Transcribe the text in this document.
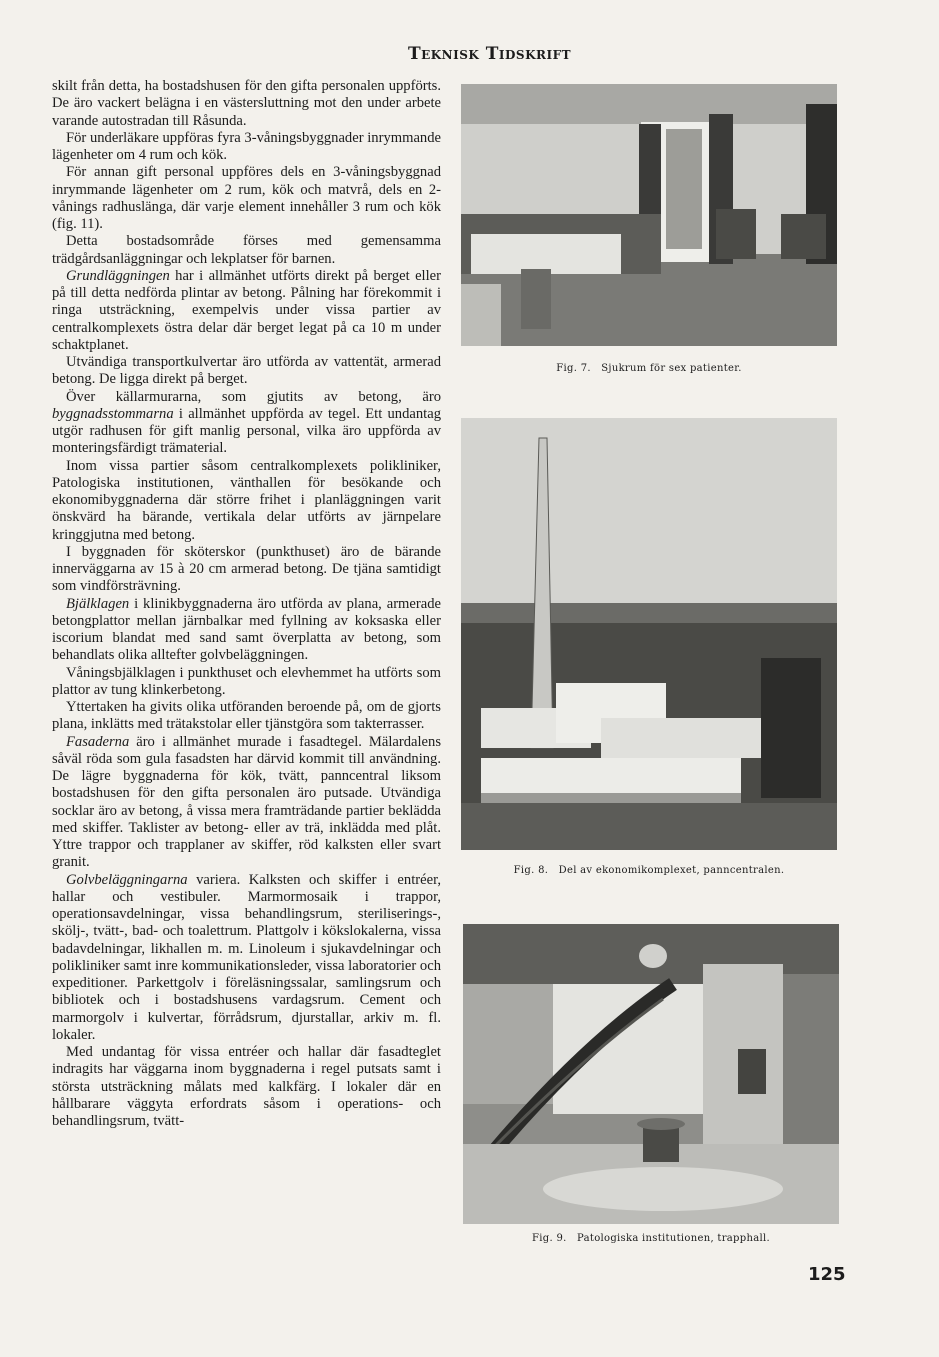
Teknisk Tidskrift

skilt från detta, ha bostadshusen för den gifta personalen uppförts. De äro vackert belägna i en västersluttning mot den under arbete varande autostradan till Råsunda.

För underläkare uppföras fyra 3-våningsbyggnader inrymmande lägenheter om 4 rum och kök.

För annan gift personal uppföres dels en 3-våningsbyggnad inrymmande lägenheter om 2 rum, kök och matvrå, dels en 2-vånings radhuslänga, där varje element innehåller 3 rum och kök (fig. 11).

Detta bostadsområde förses med gemensamma trädgårdsanläggningar och lekplatser för barnen.

Grundläggningen har i allmänhet utförts direkt på berget eller på till detta nedförda plintar av betong. Pålning har förekommit i ringa utsträckning, exempelvis under vissa partier av centralkomplexets östra delar där berget legat på ca 10 m under schaktplanet.

Utvändiga transportkulvertar äro utförda av vattentät, armerad betong. De ligga direkt på berget.

Över källarmurarna, som gjutits av betong, äro byggnadsstommarna i allmänhet uppförda av tegel. Ett undantag utgör radhusen för gift manlig personal, vilka äro uppförda av monteringsfärdigt trämaterial.

Inom vissa partier såsom centralkomplexets polikliniker, Patologiska institutionen, vänthallen för besökande och ekonomibyggnaderna där större frihet i planläggningen varit önskvärd ha bärande, vertikala delar utförts av järnpelare kringgjutna med betong.

I byggnaden för sköterskor (punkthuset) äro de bärande innerväggarna av 15 à 20 cm armerad betong. De tjäna samtidigt som vindförsträvning.

Bjälklagen i klinikbyggnaderna äro utförda av plana, armerade betongplattor mellan järnbalkar med fyllning av koksaska eller iscorium blandat med sand samt överplatta av betong, som behandlats olika alltefter golvbeläggningen.

Våningsbjälklagen i punkthuset och elevhemmet ha utförts som plattor av tung klinkerbetong.

Yttertaken ha givits olika utföranden beroende på, om de gjorts plana, inklätts med trätakstolar eller tjänstgöra som takterrasser.

Fasaderna äro i allmänhet murade i fasadtegel. Mälardalens såväl röda som gula fasadsten har därvid kommit till användning. De lägre byggnaderna för kök, tvätt, panncentral liksom bostadshusen för den gifta personalen äro putsade. Utvändiga socklar äro av betong, å vissa mera framträdande partier beklädda med skiffer. Taklister av betong- eller av trä, inklädda med plåt. Yttre trappor och trapplaner av skiffer, röd kalksten eller svart granit.

Golvbeläggningarna variera. Kalksten och skiffer i entréer, hallar och vestibuler. Marmormosaik i trappor, operationsavdelningar, vissa behandlingsrum, steriliserings-, skölj-, tvätt-, bad- och toalettrum. Plattgolv i kökslokalerna, vissa badavdelningar, likhallen m. m. Linoleum i sjukavdelningar och polikliniker samt inre kommunikationsleder, vissa laboratorier och expeditioner. Parkettgolv i föreläsningssalar, samlingsrum och bibliotek och i bostadshusens vardagsrum. Cement och marmorgolv i kulvertar, förrådsrum, djurstallar, arkiv m. fl. lokaler.

Med undantag för vissa entréer och hallar där fasadteglet indragits har väggarna inom byggnaderna i regel putsats samt i största utsträckning målats med kalkfärg. I lokaler där en hållbarare väggyta erfordrats såsom i operations- och behandlingsrum, tvätt-

Fig. 7. Sjukrum för sex patienter.
Fig. 8. Del av ekonomikomplexet, panncentralen.
Fig. 9. Patologiska institutionen, trapphall.
125
